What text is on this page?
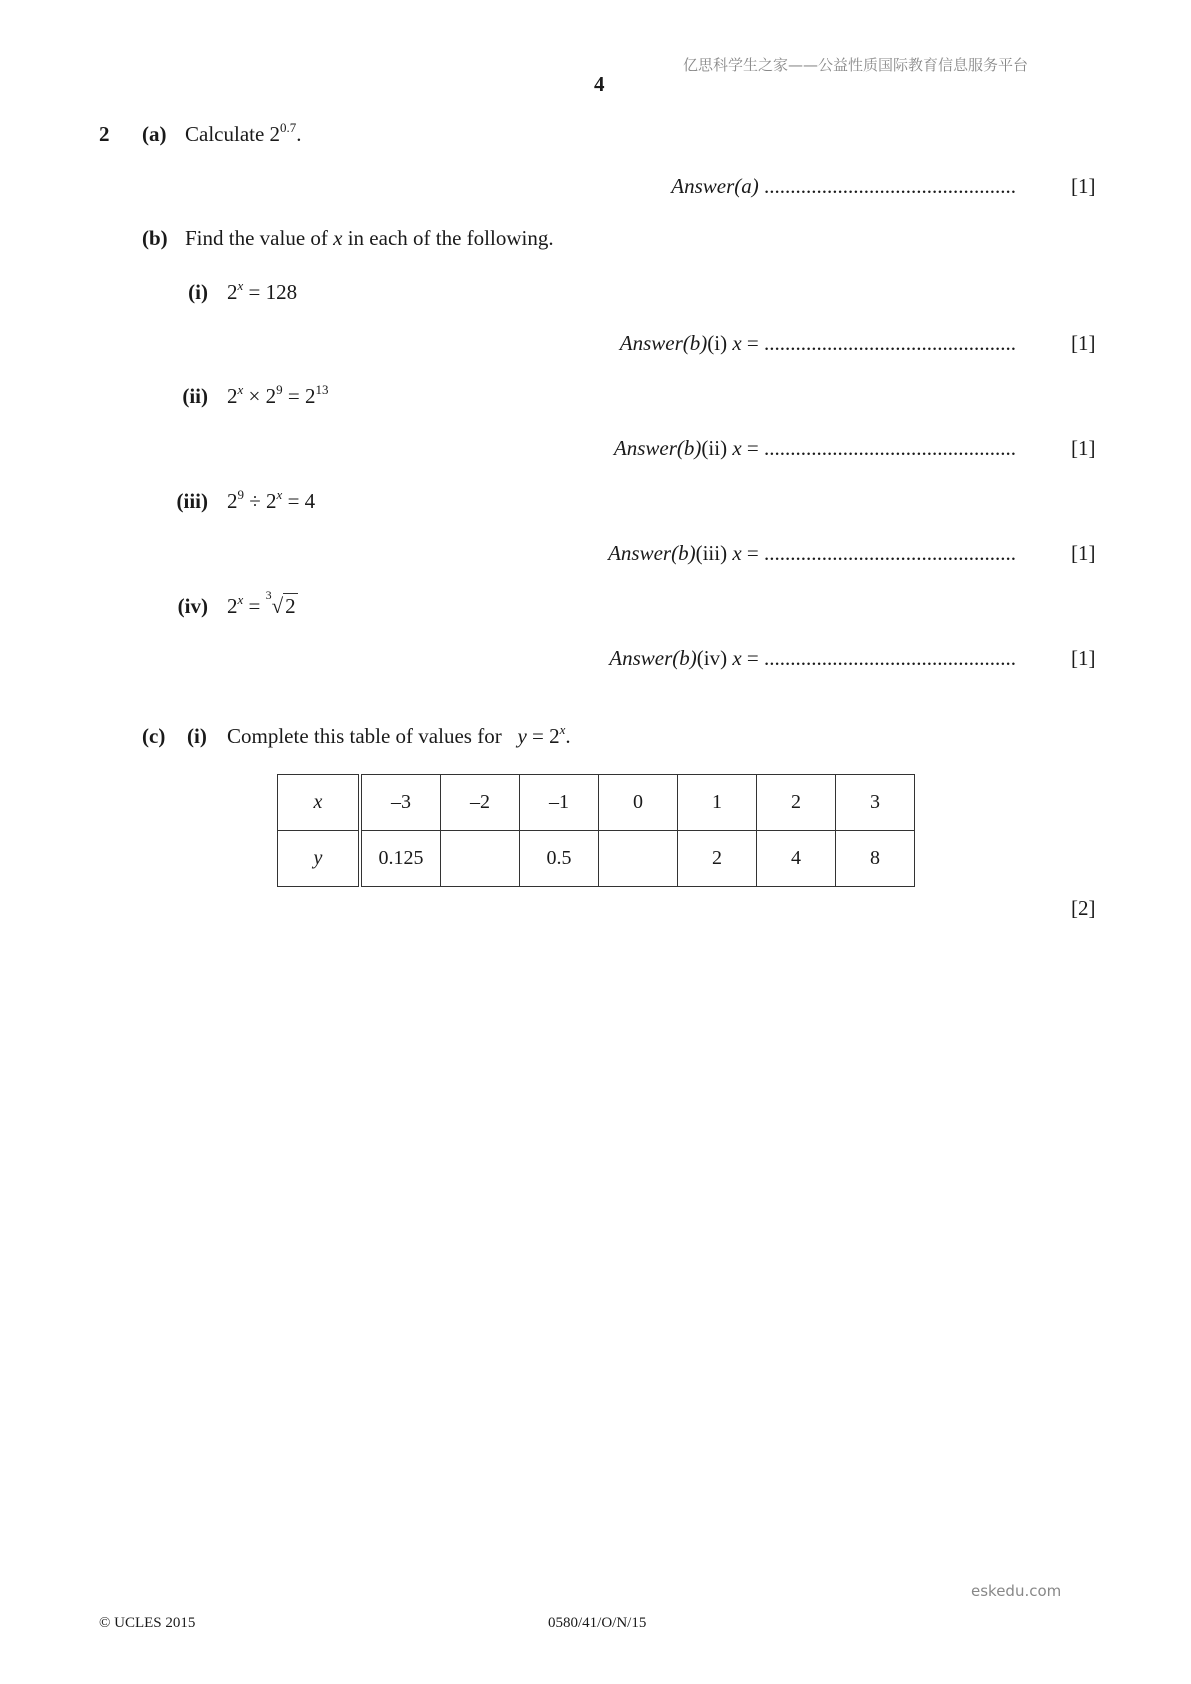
亿思科学生之家——公益性质国际教育信息服务平台
4
2 (a) Calculate $2^{0.7}$.
Answer(a) ................................................	[1]
(b) Find the value of x in each of the following.
(i) $2^x = 128$
Answer(b)(i) x = ................................................	[1]
(ii) $2^x \times 2^9 = 2^{13}$
Answer(b)(ii) x = ................................................	[1]
(iii) $2^9 \div 2^x = 4$
Answer(b)(iii) x = ................................................	[1]
(iv) $2^x = 3$ √2
Answer(b)(iv) x = ................................................	[1]
(c) (i) Complete this table of values for $y = 2^x$.
x	–3	–2	–1	0	1	2	3
y	0.125		0.5		2	4	8
[2]
eskedu.com
© UCLES 2015	0580/41/O/N/15
